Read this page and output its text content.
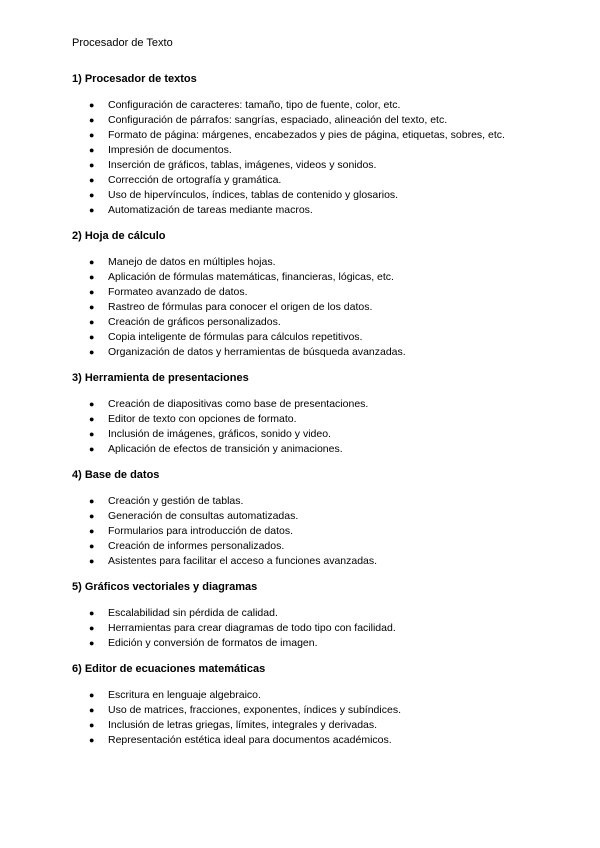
Procesador de Texto
1) Procesador de textos
● Configuración de caracteres: tamaño, tipo de fuente, color, etc.
● Configuración de párrafos: sangrías, espaciado, alineación del texto, etc.
● Formato de página: márgenes, encabezados y pies de página, etiquetas, sobres, etc.
● Impresión de documentos.
● Inserción de gráficos, tablas, imágenes, videos y sonidos.
● Corrección de ortografía y gramática.
● Uso de hipervínculos, índices, tablas de contenido y glosarios.
● Automatización de tareas mediante macros.
2) Hoja de cálculo
● Manejo de datos en múltiples hojas.
● Aplicación de fórmulas matemáticas, financieras, lógicas, etc.
● Formateo avanzado de datos.
● Rastreo de fórmulas para conocer el origen de los datos.
● Creación de gráficos personalizados.
● Copia inteligente de fórmulas para cálculos repetitivos.
● Organización de datos y herramientas de búsqueda avanzadas.
3) Herramienta de presentaciones
● Creación de diapositivas como base de presentaciones.
● Editor de texto con opciones de formato.
● Inclusión de imágenes, gráficos, sonido y video.
● Aplicación de efectos de transición y animaciones.
4) Base de datos
● Creación y gestión de tablas.
● Generación de consultas automatizadas.
● Formularios para introducción de datos.
● Creación de informes personalizados.
● Asistentes para facilitar el acceso a funciones avanzadas.
5) Gráficos vectoriales y diagramas
● Escalabilidad sin pérdida de calidad.
● Herramientas para crear diagramas de todo tipo con facilidad.
● Edición y conversión de formatos de imagen.
6) Editor de ecuaciones matemáticas
● Escritura en lenguaje algebraico.
● Uso de matrices, fracciones, exponentes, índices y subíndices.
● Inclusión de letras griegas, límites, integrales y derivadas.
● Representación estética ideal para documentos académicos.
